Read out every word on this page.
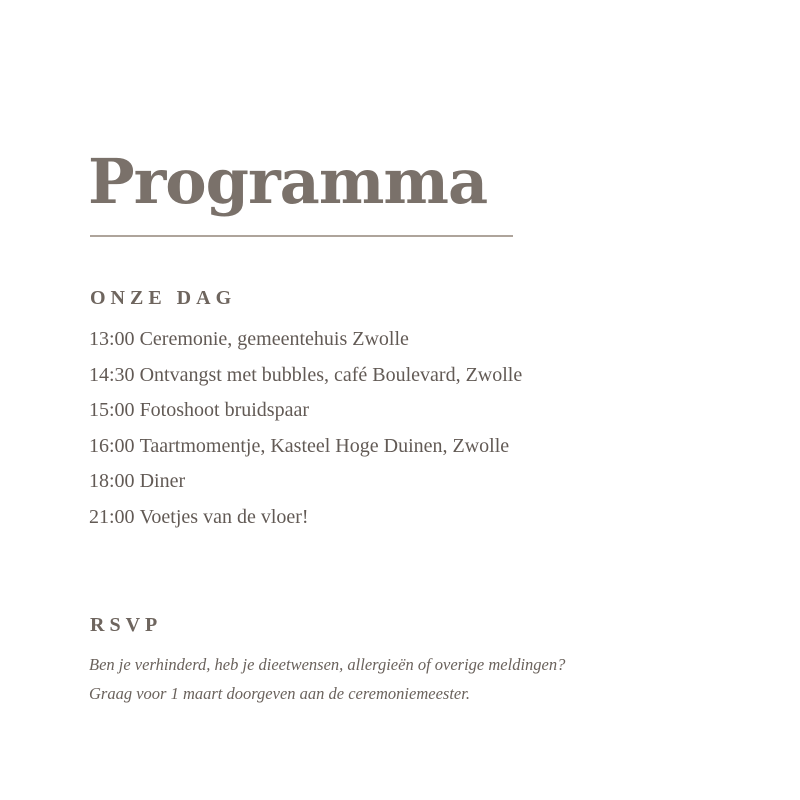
Programma
ONZE DAG
13:00 Ceremonie, gemeentehuis Zwolle
14:30 Ontvangst met bubbles, café Boulevard, Zwolle
15:00 Fotoshoot bruidspaar
16:00 Taartmomentje, Kasteel Hoge Duinen, Zwolle
18:00 Diner
21:00 Voetjes van de vloer!
RSVP

Ben je verhinderd, heb je dieetwensen, allergieën of overige meldingen?
Graag voor 1 maart doorgeven aan de ceremoniemeester.
